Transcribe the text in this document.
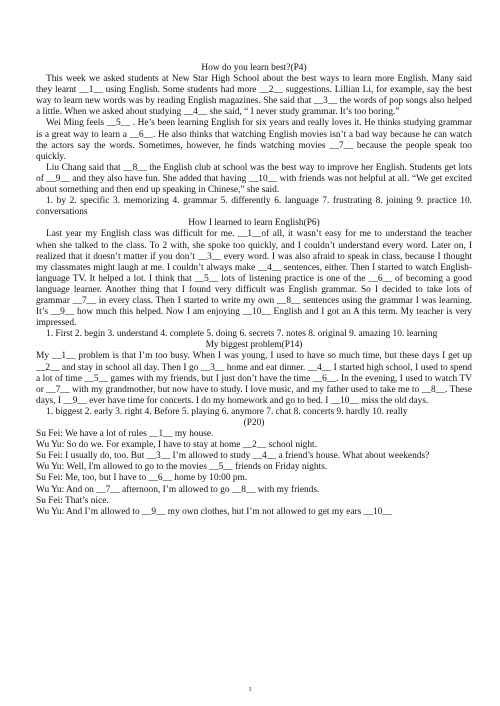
How do you learn best?(P4)
This week we asked students at New Star High School about the best ways to learn more English. Many said they learnt __1__ using English. Some students had more __2__ suggestions. Lillian Li, for example, say the best way to learn new words was by reading English magazines. She said that __3__ the words of pop songs also helped a little. When we asked about studying __4__ she said, “ I never study grammar. It’s too boring.”
Wei Ming feels __5__ . He’s been learning English for six years and really loves it. He thinks studying grammar is a great way to learn a __6__. He also thinks that watching English movies isn’t a bad way because he can watch the actors say the words. Sometimes, however, he finds watching movies __7__ because the people speak too quickly.
Liu Chang said that __8__ the English club at school was the best way to improve her English. Students get lots of __9__ and they also have fun. She added that having __10__ with friends was not helpful at all. “We get excited about something and then end up speaking in Chinese,” she said.
1. by 2. specific 3. memorizing 4. grammar 5. differently 6. language 7. frustrating 8. joining 9. practice 10. conversations
How I learned to learn English(P6)
Last year my English class was difficult for me. __1__of all, it wasn’t easy for me to understand the teacher when she talked to the class. To 2 with, she spoke too quickly, and I couldn’t understand every word. Later on, I realized that it doesn’t matter if you don’t __3__ every word. I was also afraid to speak in class, because I thought my classmates might laugh at me. I couldn’t always make __4__ sentences, either. Then I started to watch English-language TV. It helped a lot. I think that __5__ lots of listening practice is one of the __6__ of becoming a good language learner. Another thing that I found very difficult was English grammar. So I decided to take lots of grammar __7__ in every class. Then I started to write my own __8__ sentences using the grammar I was learning. It’s __9__ how much this helped. Now I am enjoying __10__ English and I got an A this term. My teacher is very impressed.
1. First 2. begin 3. understand 4. complete 5. doing 6. secrets 7. notes 8. original 9. amazing 10. learning
My biggest problem(P14)
My __1__ problem is that I’m too busy. When I was young, I used to have so much time, but these days I get up __2__ and stay in school all day. Then I go __3__ home and eat dinner. __4__ I started high school, I used to spend a lot of time __5__ games with my friends, but I just don’t have the time __6__. In the evening, I used to watch TV or __7__ with my grandmother, but now have to study. I love music, and my father used to take me to __8__. These days, I __9__ ever have time for concerts. I do my homework and go to bed. I __10__ miss the old days.
1. biggest 2. early 3. right 4. Before 5. playing 6. anymore 7. chat 8. concerts 9. hardly 10. really
(P20)
Su Fei: We have a lot of rules __1__ my house.
Wu Yu: So do we. For example, I have to stay at home __2__ school night.
Su Fei: I usually do, too. But __3__ I’m allowed to study __4__ a friend’s house. What about weekends?
Wu Yu: Well, I'm allowed to go to the movies __5__ friends on Friday nights.
Su Fei: Me, too, but I have to __6__ home by 10:00 pm.
Wu Yu: And on __7__ afternoon, I’m allowed to go __8__ with my friends.
Su Fei: That’s nice.
Wu Yu: And I’m allowed to __9__ my own clothes, but I’m not allowed to get my ears __10__
1
